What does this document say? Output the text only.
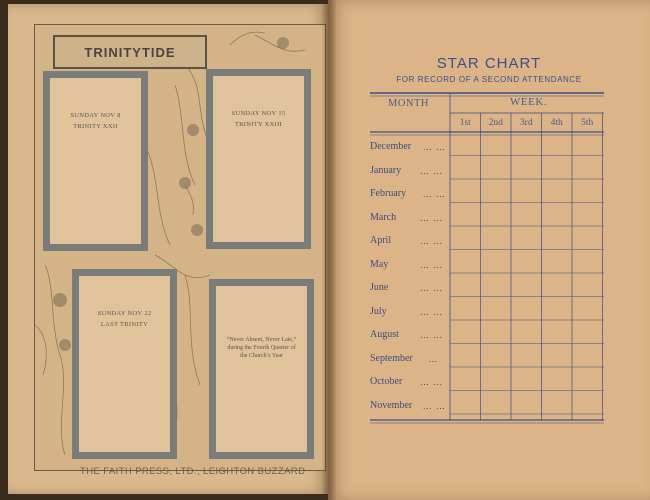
TRINITYTIDE
SUNDAY NOV 8
TRINITY XXII
SUNDAY NOV 15
TRINITY XXIII
SUNDAY NOV 22
LAST TRINITY
“Never Absent, Never Late,” during the Fourth Quarter of the Church’s Year
THE FAITH PRESS, LTD., LEIGHTON BUZZARD
STAR CHART
FOR RECORD OF A SECOND ATTENDANCE
MONTH	WEEK.
1st	2nd	3rd	4th	5th
December … …
January … …
February … …
March	… …
April	… …
May	… …
June	… …
July	… …
August … …
September …
October … …
November … …
